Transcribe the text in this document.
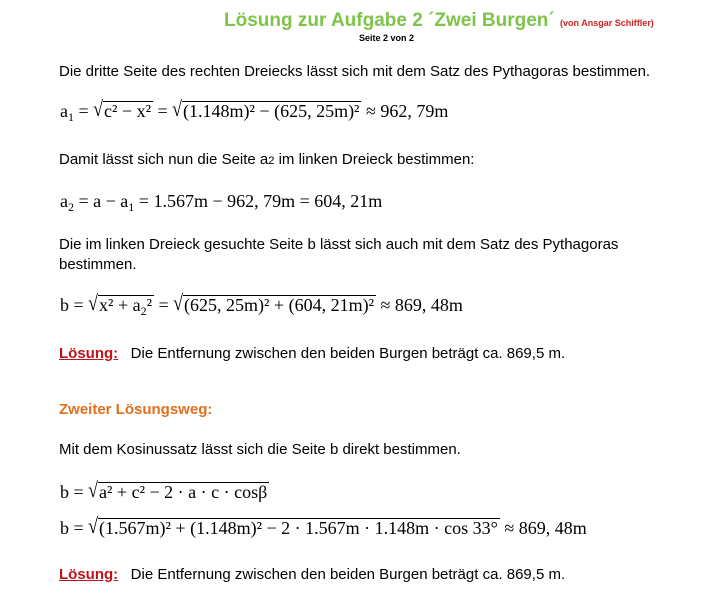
Lösung zur Aufgabe 2 ´Zwei Burgen´ (von Ansgar Schiffler)
Seite 2 von 2
Die dritte Seite des rechten Dreiecks lässt sich mit dem Satz des Pythagoras bestimmen.
$a_1 = √c^2 - x^2 = √(1.148m)^2 - (625$, 25m)² ≈ 962, 79m
Damit lässt sich nun die Seite a2 im linken Dreieck bestimmen:
$a_2 = a - a_1 = 1.567m - 962$, 79m = 604, 21m
Die im linken Dreieck gesuchte Seite b lässt sich auch mit dem Satz des Pythagoras
bestimmen.
$b = √x^2 + a_2^2 = √(625$, 25m)² + (604, 21m)² ≈ 869, 48m
Lösung: Die Entfernung zwischen den beiden Burgen beträgt ca. 869,5 m.
Zweiter Lösungsweg:
Mit dem Kosinussatz lässt sich die Seite b direkt bestimmen.
b = √a² + c² − 2 · a · c · cosβ
b = √(1.567m)² + (1.148m)² − 2 · 1.567m · 1.148m · cos 33° ≈ 869, 48m
Lösung: Die Entfernung zwischen den beiden Burgen beträgt ca. 869,5 m.
